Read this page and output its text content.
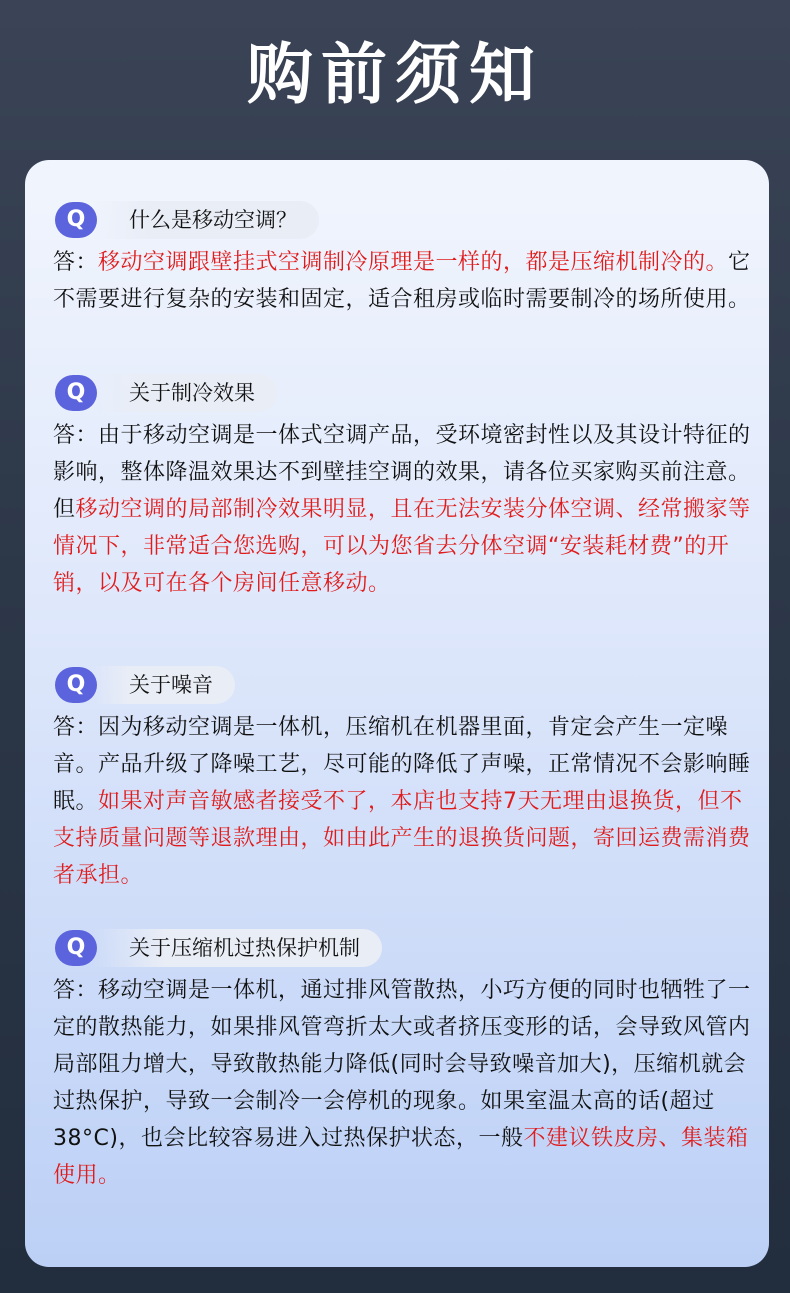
购前须知
什么是移动空调？
Q
答：移动空调跟壁挂式空调制冷原理是一样的，都是压缩机制冷的。它不需要进行复杂的安装和固定，适合租房或临时需要制冷的场所使用。
关于制冷效果
Q
答：由于移动空调是一体式空调产品，受环境密封性以及其设计特征的影响，整体降温效果达不到壁挂空调的效果，请各位买家购买前注意。但移动空调的局部制冷效果明显，且在无法安装分体空调、经常搬家等情况下，非常适合您选购，可以为您省去分体空调“安装耗材费”的开销，以及可在各个房间任意移动。
关于噪音
Q
答：因为移动空调是一体机，压缩机在机器里面，肯定会产生一定噪音。产品升级了降噪工艺，尽可能的降低了声噪，正常情况不会影响睡眠。如果对声音敏感者接受不了，本店也支持7天无理由退换货，但不支持质量问题等退款理由，如由此产生的退换货问题，寄回运费需消费者承担。
关于压缩机过热保护机制
Q
答：移动空调是一体机，通过排风管散热，小巧方便的同时也牺牲了一定的散热能力，如果排风管弯折太大或者挤压变形的话，会导致风管内局部阻力增大，导致散热能力降低(同时会导致噪音加大)，压缩机就会过热保护，导致一会制冷一会停机的现象。如果室温太高的话(超过38°C)，也会比较容易进入过热保护状态，一般不建议铁皮房、集装箱使用。
